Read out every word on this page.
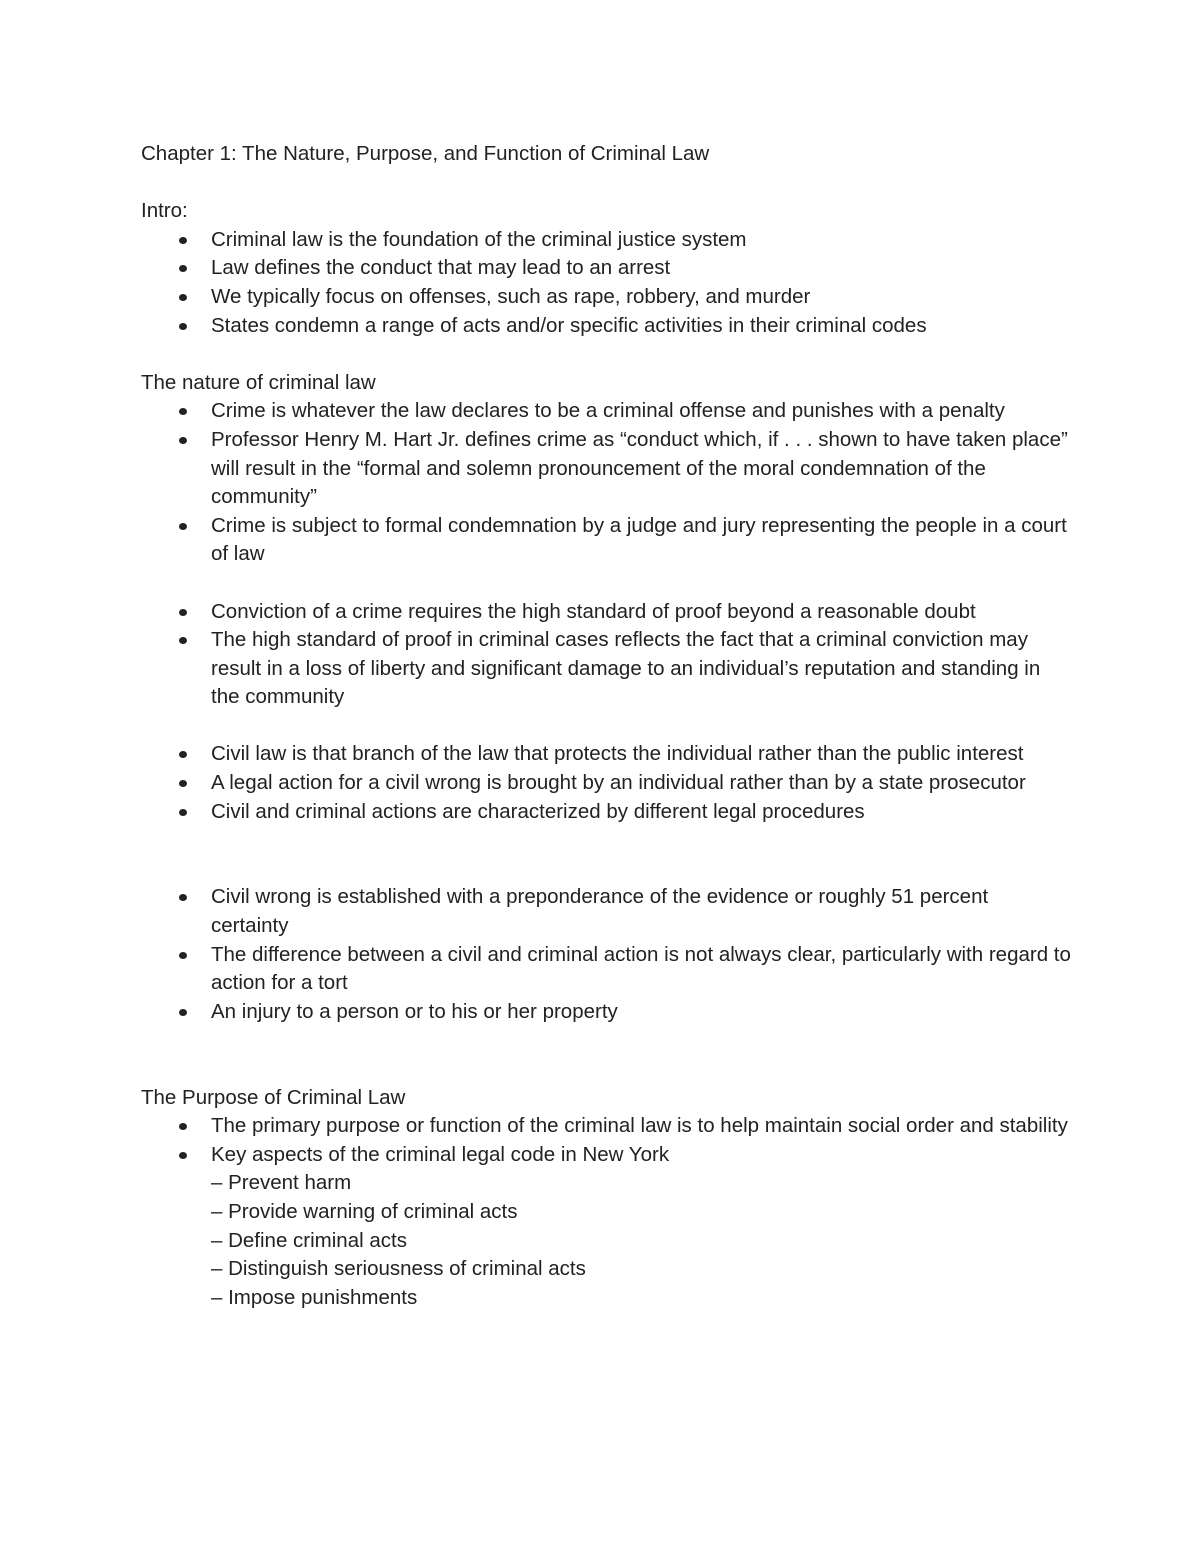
Chapter 1: The Nature, Purpose, and Function of Criminal Law

Intro:

Criminal law is the foundation of the criminal justice system
Law defines the conduct that may lead to an arrest
We typically focus on offenses, such as rape, robbery, and murder
States condemn a range of acts and/or specific activities in their criminal codes

The nature of criminal law

Crime is whatever the law declares to be a criminal offense and punishes with a penalty
Professor Henry M. Hart Jr. defines crime as “conduct which, if . . . shown to have taken place” will result in the “formal and solemn pronouncement of the moral condemnation of the community”
Crime is subject to formal condemnation by a judge and jury representing the people in a court of law
Conviction of a crime requires the high standard of proof beyond a reasonable doubt
The high standard of proof in criminal cases reflects the fact that a criminal conviction may result in a loss of liberty and significant damage to an individual’s reputation and standing in the community
Civil law is that branch of the law that protects the individual rather than the public interest
A legal action for a civil wrong is brought by an individual rather than by a state prosecutor
Civil and criminal actions are characterized by different legal procedures
Civil wrong is established with a preponderance of the evidence or roughly 51 percent certainty
The difference between a civil and criminal action is not always clear, particularly with regard to action for a tort
An injury to a person or to his or her property

The Purpose of Criminal Law

The primary purpose or function of the criminal law is to help maintain social order and stability
Key aspects of the criminal legal code in New York
– Prevent harm
– Provide warning of criminal acts
– Define criminal acts
– Distinguish seriousness of criminal acts
– Impose punishments
